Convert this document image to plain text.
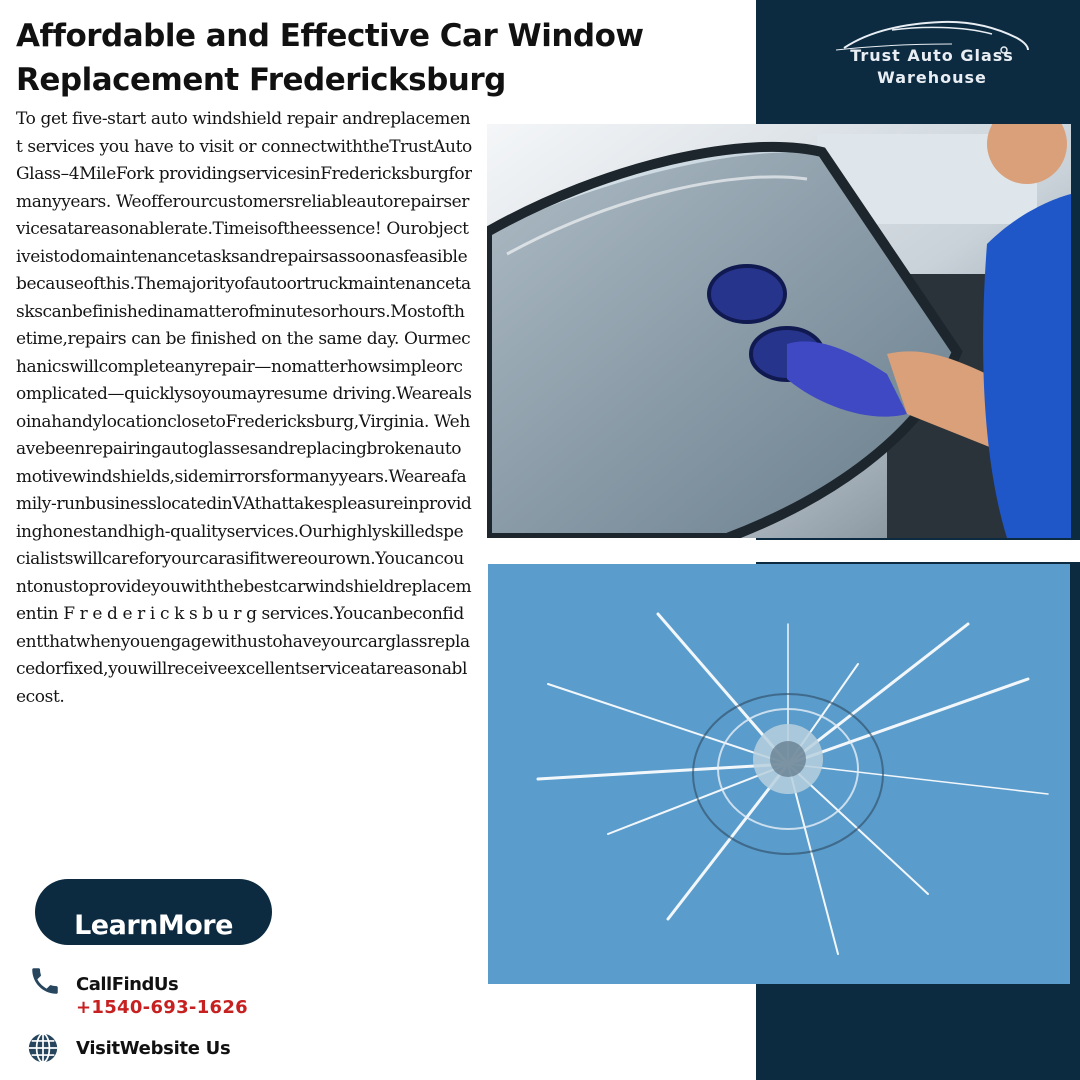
Trust Auto Glass
Warehouse
Affordable and Effective Car Window
Replacement Fredericksburg
To get five-start auto windshield repair andreplacement services you have to visit or connectwiththeTrustAutoGlass–4MileFork providingservicesinFredericksburgformanyyears. Weofferourcustomersreliableautorepairservicesatareasonablerate.Timeisoftheessence! Ourobjectiveistodomaintenancetasksandrepairsassoonasfeasiblebecauseofthis.Themajorityofautoortruckmaintenancetaskscanbefinishedinamatterofminutesorhours.Mostofthetime,repairs can be finished on the same day. Ourmechanicswillcompleteanyrepair—nomatterhowsimpleorcomplicated—quicklysoyoumayresume driving.WearealsoinahandylocationclosetoFredericksburg,Virginia. Wehavebeenrepairingautoglassesandreplacingbrokenautomotivewindshields,sidemirrorsformanyyears.Weareafamily-runbusinesslocatedinVAthattakespleasureinprovidinghonestandhigh-qualityservices.Ourhighlyskilledspecialistswillcareforyourcarasifitwereourown.Youcancountonustoprovideyouwiththebestcarwindshieldreplacementin F r e d e r i c k s b u r g services.Youcanbeconfidentthatwhenyouengagewithustohaveyourcarglassreplacedorfixed,youwillreceiveexcellentserviceatareasonablecost.
LearnMore
CallFindUs
+1540-693-1626
VisitWebsite Us
